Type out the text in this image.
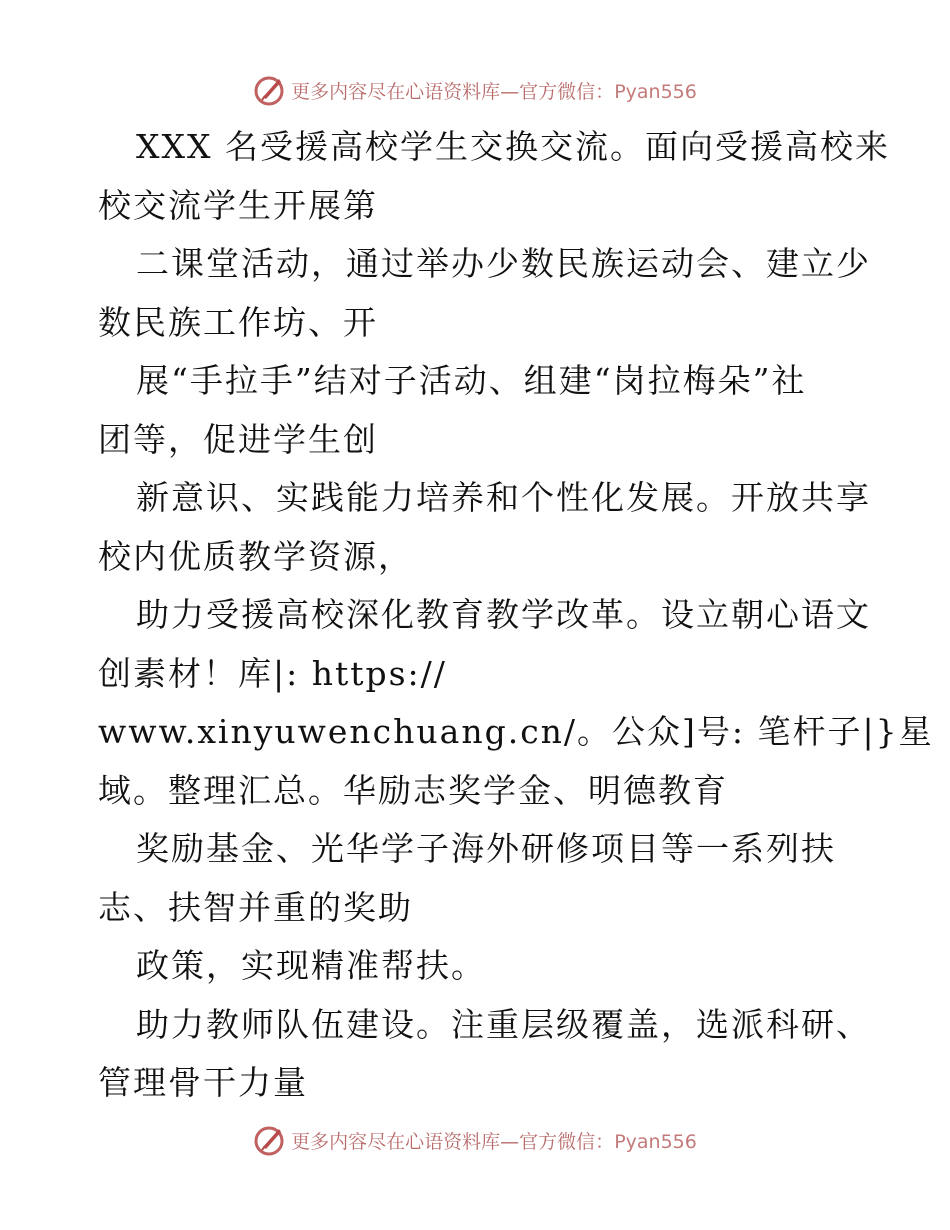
更多内容尽在心语资料库—官方微信：Pyan556
XXX 名受援高校学生交换交流。面向受援高校来
校交流学生开展第
二课堂活动，通过举办少数民族运动会、建立少
数民族工作坊、开
展“手拉手”结对子活动、组建“岗拉梅朵”社
团等，促进学生创
新意识、实践能力培养和个性化发展。开放共享
校内优质教学资源，
助力受援高校深化教育教学改革。设立朝心语文
创素材！库|: https://
www.xinyuwenchuang.cn/。公众]号: 笔杆子|}星
域。整理汇总。华励志奖学金、明德教育
奖励基金、光华学子海外研修项目等一系列扶
志、扶智并重的奖助
政策，实现精准帮扶。
助力教师队伍建设。注重层级覆盖，选派科研、
管理骨干力量
更多内容尽在心语资料库—官方微信：Pyan556
